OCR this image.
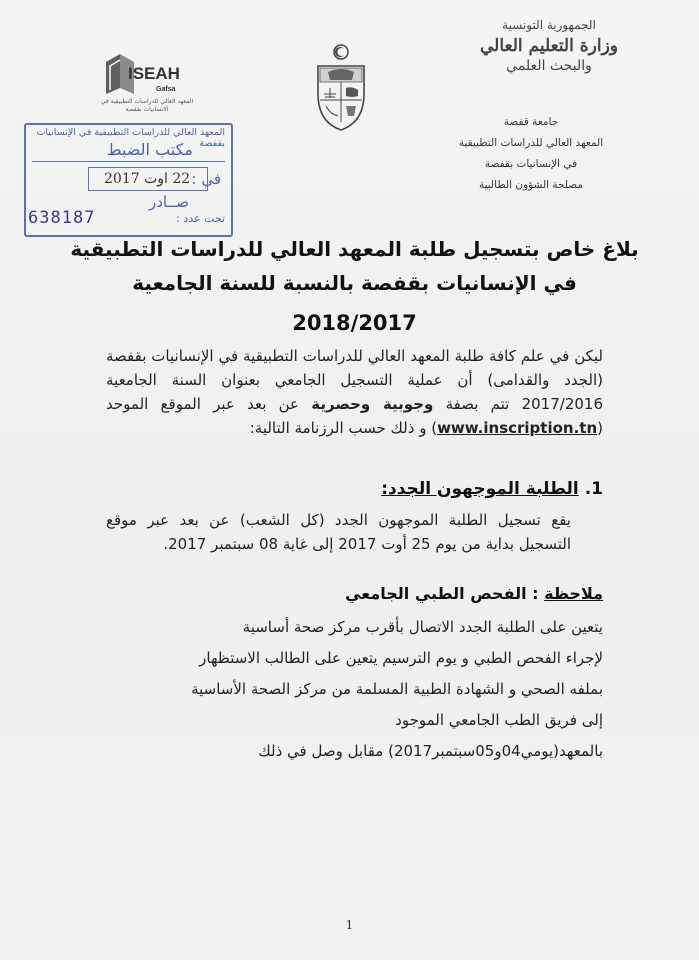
ISEAH
Gafsa
المعهد العالي للدراسات التطبيقية في الانسانيات بقفصة
الجمهورية التونسية
وزارة التعليم العالي
والبحث العلمي
جامعة قفصة
المعهد العالي للدراسات التطبيقية
في الإنسانيات بقفصة
مصلحة الشؤون الطالبية
المعهد العالي للدراسات التطبيقية في الإنسانيات بقفصة
مكتب الضبط
في :
22 اوت 2017
صــادر
تحت عدد :
638187
بلاغ خاص بتسجيل طلبة المعهد العالي للدراسات التطبيقية
في الإنسانيات بقفصة بالنسبة للسنة الجامعية
2018/2017

ليكن في علم كافة طلبة المعهد العالي للدراسات التطبيقية في الإنسانيات بقفصة (الجدد والقدامى) أن عملية التسجيل الجامعي بعنوان السنة الجامعية 2017/2016 تتم بصفة وجوبية وحصرية عن بعد عبر الموقع الموحد (www.inscription.tn) و ذلك حسب الرزنامة التالية:

1. الطلبة الموجهون الجدد:
يقع تسجيل الطلبة الموجهون الجدد (كل الشعب) عن بعد عبر موقع التسجيل بداية من يوم 25 أوت 2017 إلى غاية 08 سبتمبر 2017.
ملاحظة : الفحص الطبي الجامعي
يتعين على الطلبة الجدد الاتصال بأقرب مركز صحة أساسية
لإجراء الفحص الطبي و يوم الترسيم يتعين على الطالب الاستظهار
بملفه الصحي و الشهادة الطبية المسلمة من مركز الصحة الأساسية
إلى فريق الطب الجامعي الموجود
بالمعهد(يومي04و05سبتمبر2017) مقابل وصل في ذلك
1
